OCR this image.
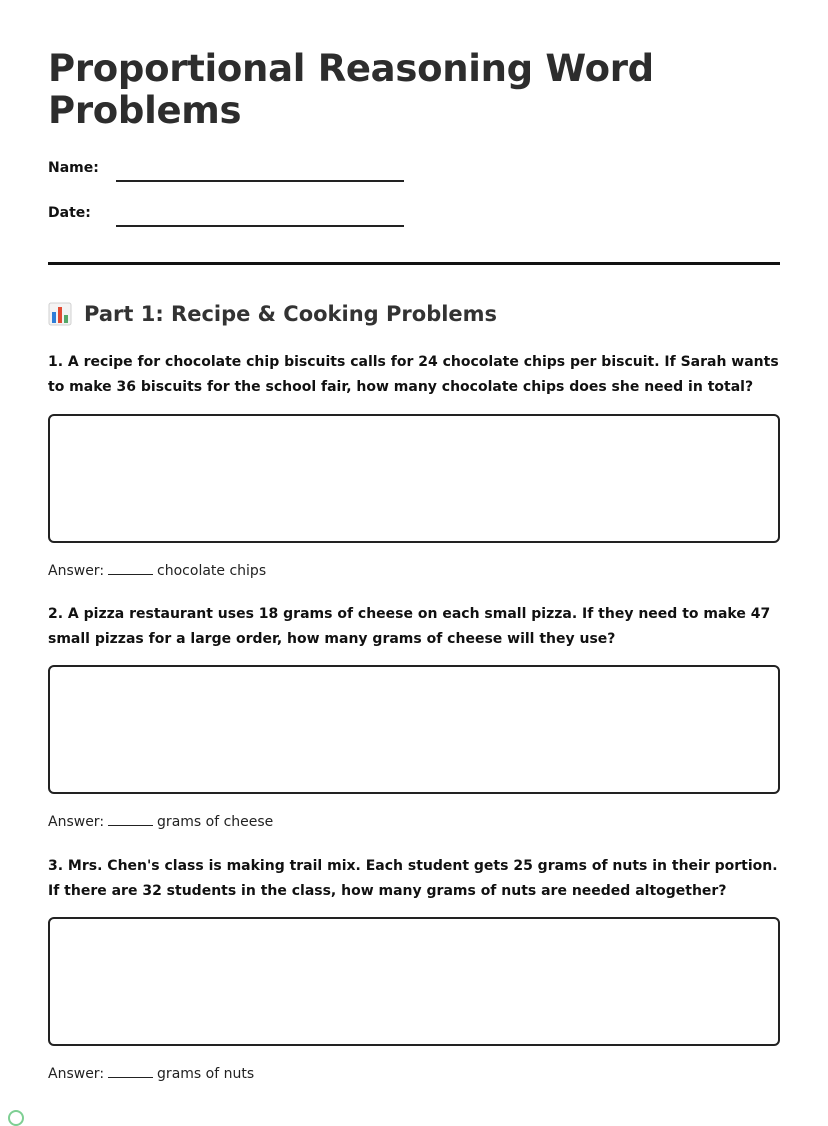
Proportional Reasoning Word Problems
Name:
Date:
Part 1: Recipe & Cooking Problems

1. A recipe for chocolate chip biscuits calls for 24 chocolate chips per biscuit. If Sarah wants to make 36 biscuits for the school fair, how many chocolate chips does she need in total?

Answer:	chocolate chips

2. A pizza restaurant uses 18 grams of cheese on each small pizza. If they need to make 47 small pizzas for a large order, how many grams of cheese will they use?

Answer:	grams of cheese

3. Mrs. Chen's class is making trail mix. Each student gets 25 grams of nuts in their portion. If there are 32 students in the class, how many grams of nuts are needed altogether?

Answer:	grams of nuts
